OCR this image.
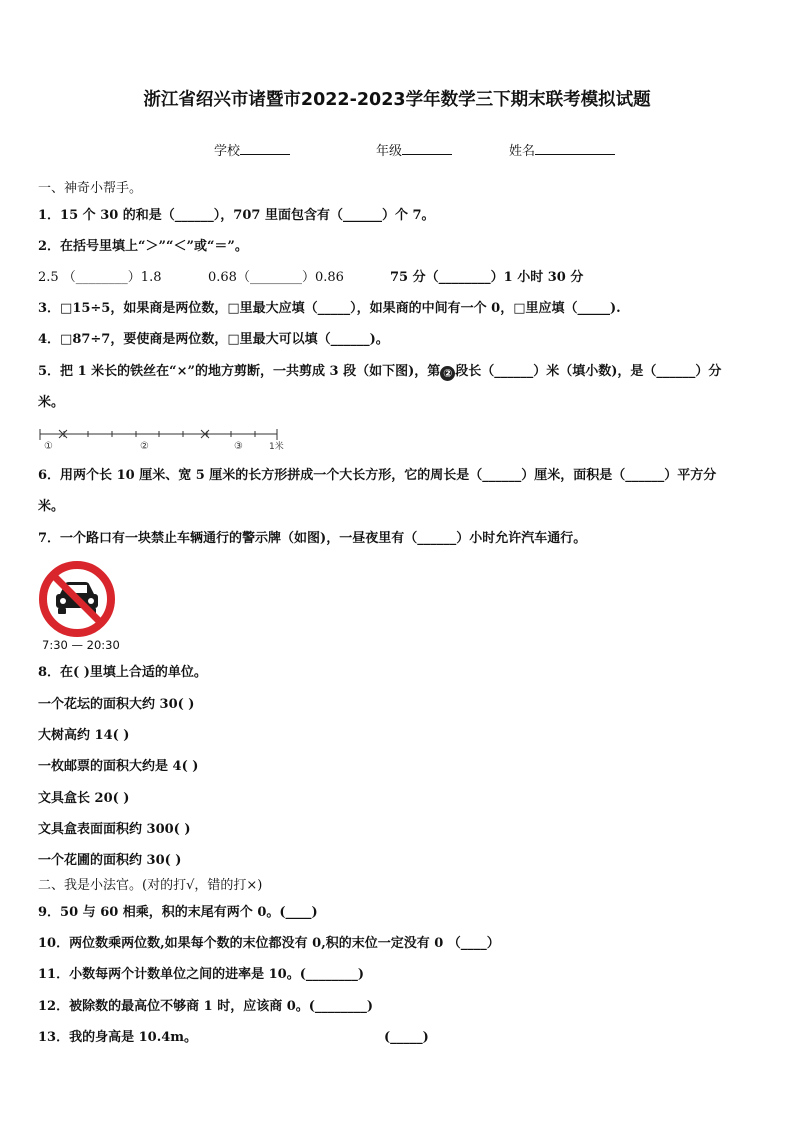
浙江省绍兴市诸暨市2022-2023学年数学三下期末联考模拟试题
学校	年级	姓名
一、神奇小帮手。
1．15 个 30 的和是（______），707 里面包含有（______）个 7。
2．在括号里填上“＞”“＜”或“＝”。
2.5 （________）1.8	0.68（________）0.86	75 分（________）1 小时 30 分
3．□15÷5，如果商是两位数，□里最大应填（_____），如果商的中间有一个 0，□里应填（_____).
4．□87÷7，要使商是两位数，□里最大可以填（______)。
5．把 1 米长的铁丝在“×”的地方剪断，一共剪成 3 段（如下图)，第 ② 段长（______）米（填小数)，是（______）分
米。
①	②	③	1米
6．用两个长 10 厘米、宽 5 厘米的长方形拼成一个大长方形，它的周长是（______）厘米，面积是（______）平方分
米。
7．一个路口有一块禁止车辆通行的警示牌（如图)，一昼夜里有（______）小时允许汽车通行。
7:30 — 20:30
8．在( )里填上合适的单位。
一个花坛的面积大约 30( )
大树高约 14( )
一枚邮票的面积大约是 4( )
文具盒长 20( )
文具盒表面面积约 300( )
一个花圃的面积约 30( )
二、我是小法官。(对的打√，错的打×)
9．50 与 60 相乘，积的末尾有两个 0。(____)
10．两位数乘两位数,如果每个数的末位都没有 0,积的末位一定没有 0 （____）
11．小数每两个计数单位之间的进率是 10。(________)
12．被除数的最高位不够商 1 时，应该商 0。(________)
13．我的身高是 10.4m。	(_____)
